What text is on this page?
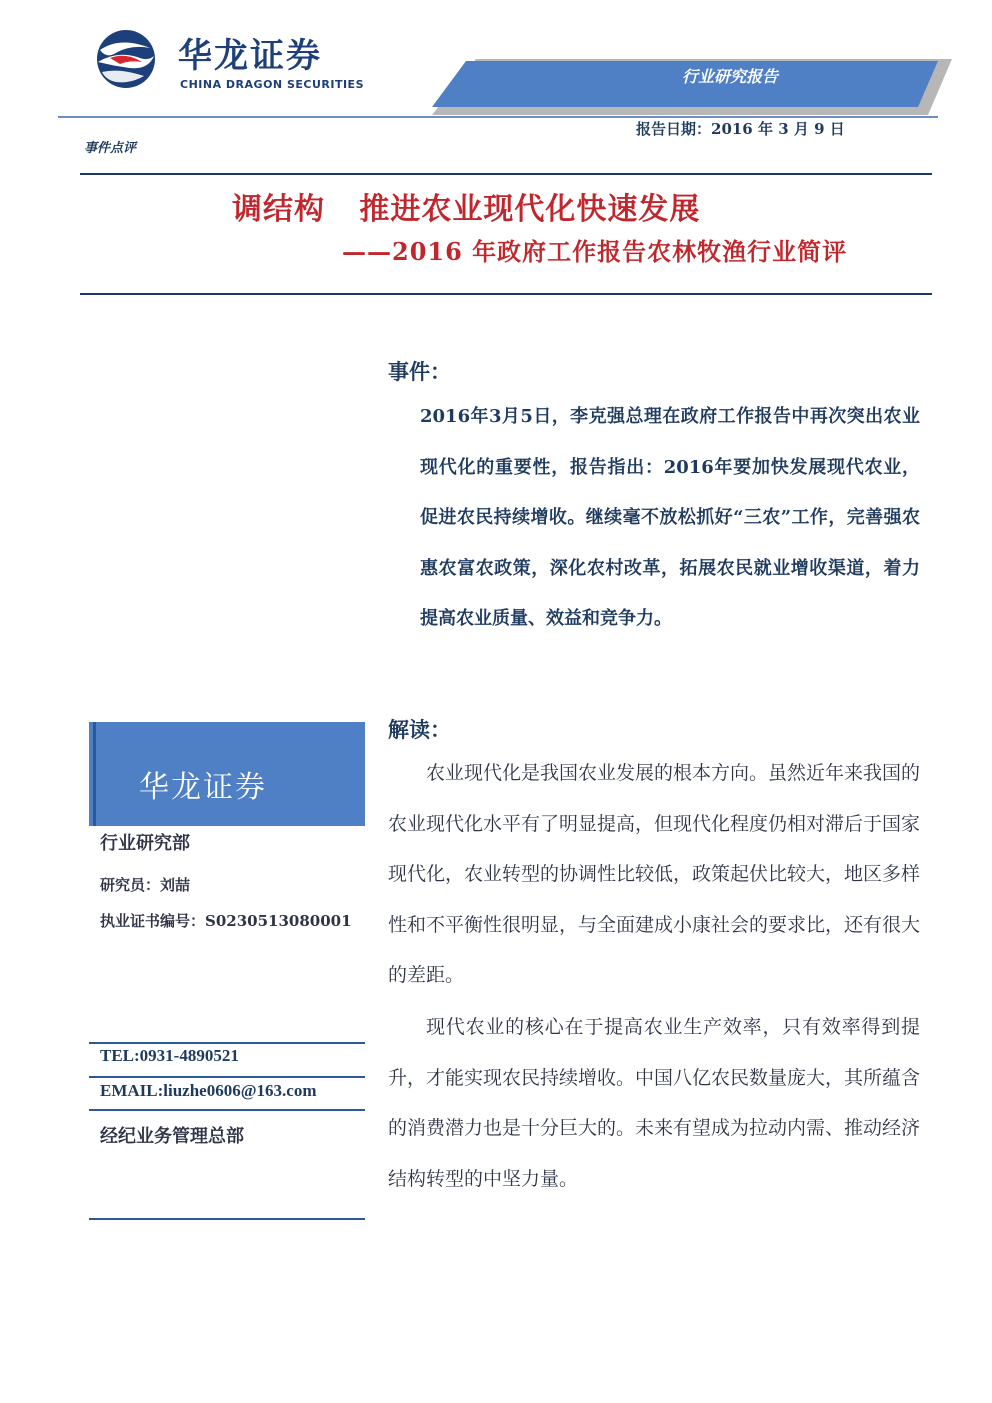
华龙证券
CHINA DRAGON SECURITIES	行业研究报告
报告日期：2016 年 3 月 9 日
事件点评
调结构   推进农业现代化快速发展
——2016 年政府工作报告农林牧渔行业简评
事件：

2016年3月5日，李克强总理在政府工作报告中再次突出农业现代化的重要性，报告指出：2016年要加快发展现代农业，促进农民持续增收。继续毫不放松抓好“三农”工作，完善强农惠农富农政策，深化农村改革，拓展农民就业增收渠道，着力提高农业质量、效益和竞争力。

解读：

农业现代化是我国农业发展的根本方向。虽然近年来我国的农业现代化水平有了明显提高，但现代化程度仍相对滞后于国家现代化，农业转型的协调性比较低，政策起伏比较大，地区多样性和不平衡性很明显，与全面建成小康社会的要求比，还有很大的差距。

现代农业的核心在于提高农业生产效率，只有效率得到提升，才能实现农民持续增收。中国八亿农民数量庞大，其所蕴含的消费潜力也是十分巨大的。未来有望成为拉动内需、推动经济结构转型的中坚力量。

华龙证券
行业研究部
研究员：刘喆
执业证书编号：S0230513080001
TEL:0931-4890521
EMAIL:liuzhe0606@163.com
经纪业务管理总部
